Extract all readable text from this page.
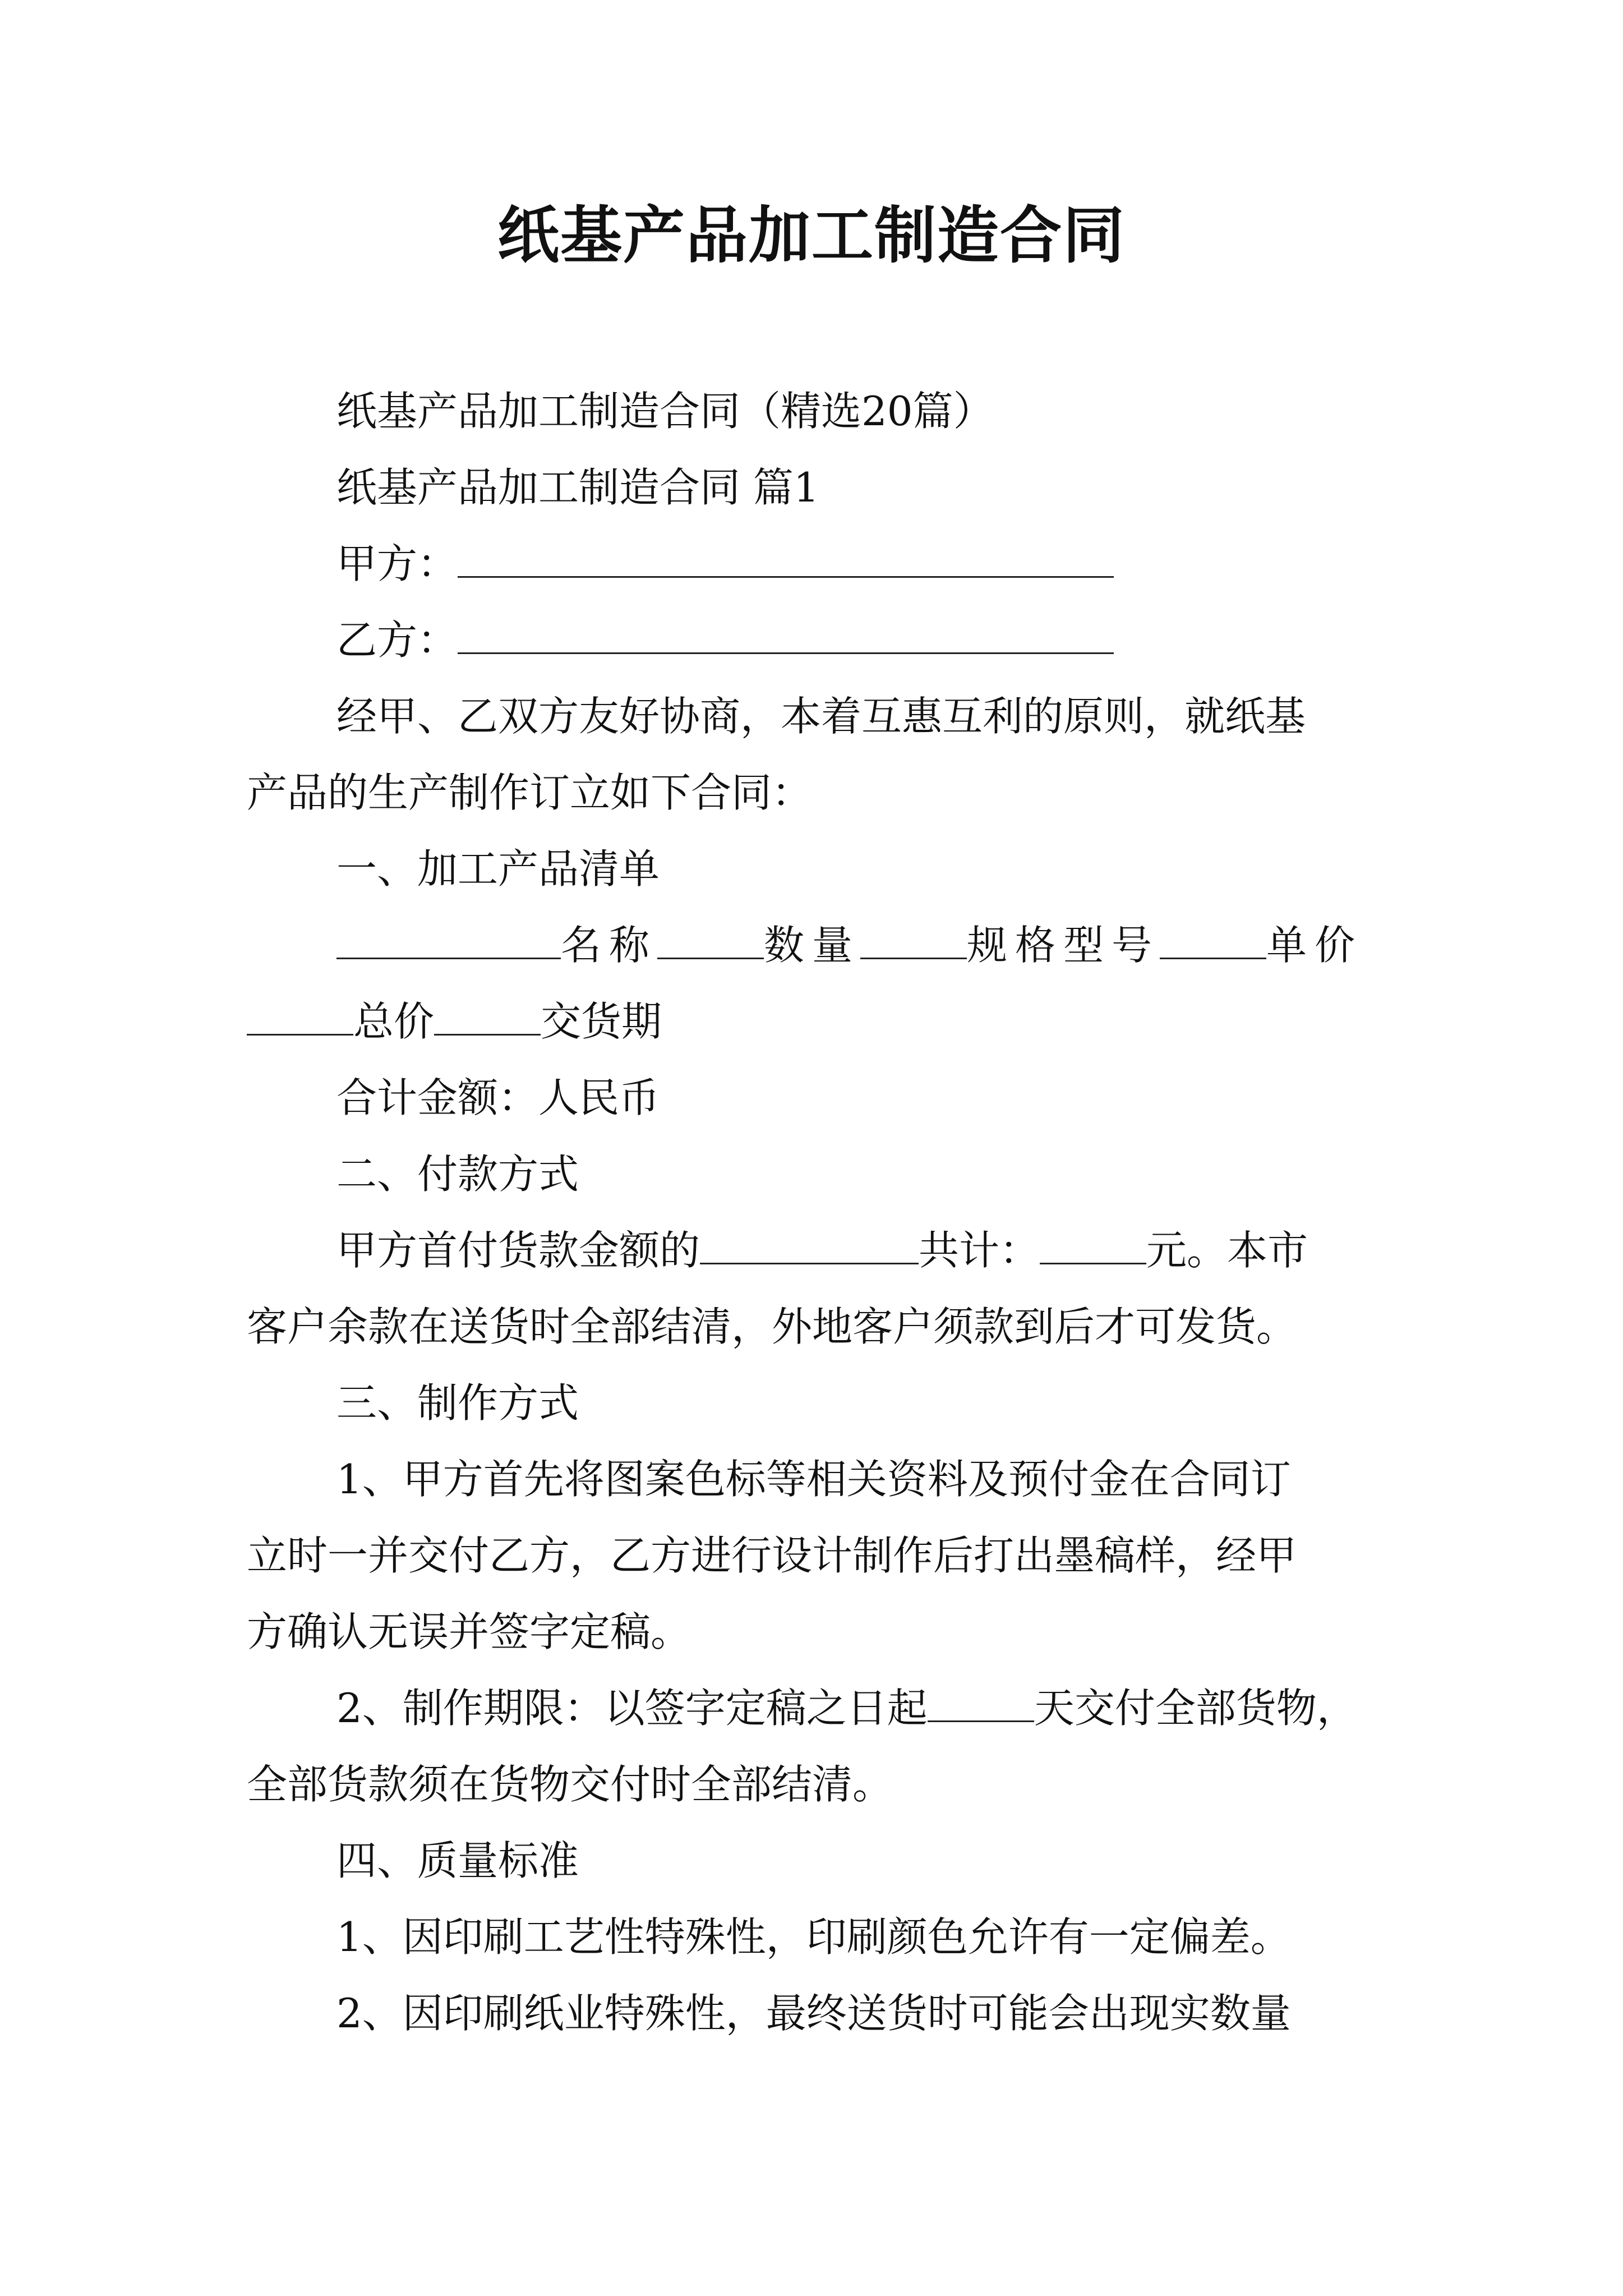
纸基产品加工制造合同
纸基产品加工制造合同（精选20篇）
纸基产品加工制造合同 篇1
甲方：
乙方：
经甲、乙双方友好协商，本着互惠互利的原则，就纸基
产品的生产制作订立如下合同：
一、加工产品清单
名称	数量	规格型号	单价
总价	交货期
合计金额：人民币
二、付款方式
甲方首付货款金额的	共计：	元。本市
客户余款在送货时全部结清，外地客户须款到后才可发货。
三、制作方式
1、甲方首先将图案色标等相关资料及预付金在合同订
立时一并交付乙方，乙方进行设计制作后打出墨稿样，经甲
方确认无误并签字定稿。
2、制作期限：以签字定稿之日起	天交付全部货物，
全部货款须在货物交付时全部结清。
四、质量标准
1、因印刷工艺性特殊性，印刷颜色允许有一定偏差。
2、因印刷纸业特殊性，最终送货时可能会出现实数量
